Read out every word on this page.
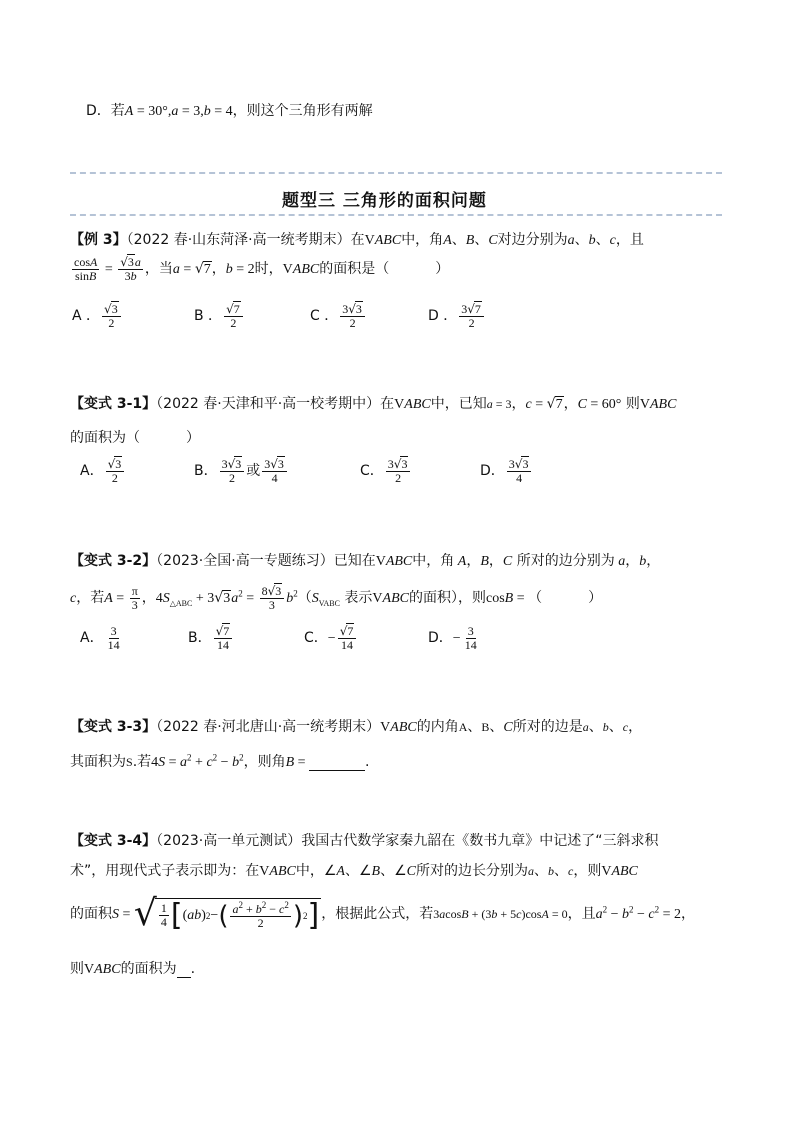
D．若A = 30°,a = 3,b = 4，则这个三角形有两解
题型三 三角形的面积问题
【例 3】（2022 春·山东菏泽·高一统考期末）在VABC中，角A、B、C对边分别为a、b、c，且
$\frac{\cos A}{\sin B} = \frac{√3a}{3b}$ ，当a = √7，b = 2时，VABC的面积是（	）
A ． $\frac{√3}{2}$	B ． $\frac{√7}{2}$	C ． $\frac{3√3}{2}$	D ． $\frac{3√7}{2}$
【变式 3-1】（2022 春·天津和平·高一校考期中）在VABC中，已知a = 3，c = √7，C = 60° 则VABC
的面积为（	）
A． $\frac{√3}{2}$	B． $\frac{3√3}{2}$ 或 $\frac{3√3}{4}$	C． $\frac{3√3}{2}$	D． $\frac{3√3}{4}$
【变式 3-2】（2023·全国·高一专题练习）已知在VABC中，角 A，B，C 所对的边分别为 a，b，
c，若$A = \frac{\pi}{3}$ ，$4S_{\triangle ABC} + 3√3a^2 = \frac{8√3}{3} b^2(S_{VABC}$ 表示VABC的面积），则cosB = （	）
A． $\frac{3}{14}$	B． $\frac{√7}{14}$	C．− $\frac{√7}{14}$	D．− $\frac{3}{14}$
【变式 3-3】（2022 春·河北唐山·高一统考期末）VABC的内角A、B、C所对的边是a、b、c，
其面积为S.若$4S = a^2 + c^2 - b^2$，则角B =	.
【变式 3-4】（2023·高一单元测试）我国古代数学家秦九韶在《数书九章》中记述了“三斜求积
术”，用现代式子表示即为：在VABC中，∠A、∠B、∠C所对的边长分别为a、b、c，则VABC
的面积S = √ $\frac{1}{4}$ [ ( ab ) 2 − ( $\frac{a^2 + b^2 - c^2}{2}$ ) 2 ] ，根据此公式，若3acosB + (3b + 5c)cosA = 0，且$a^2 - b^2 - c^2 = 2$，
则VABC的面积为 .
